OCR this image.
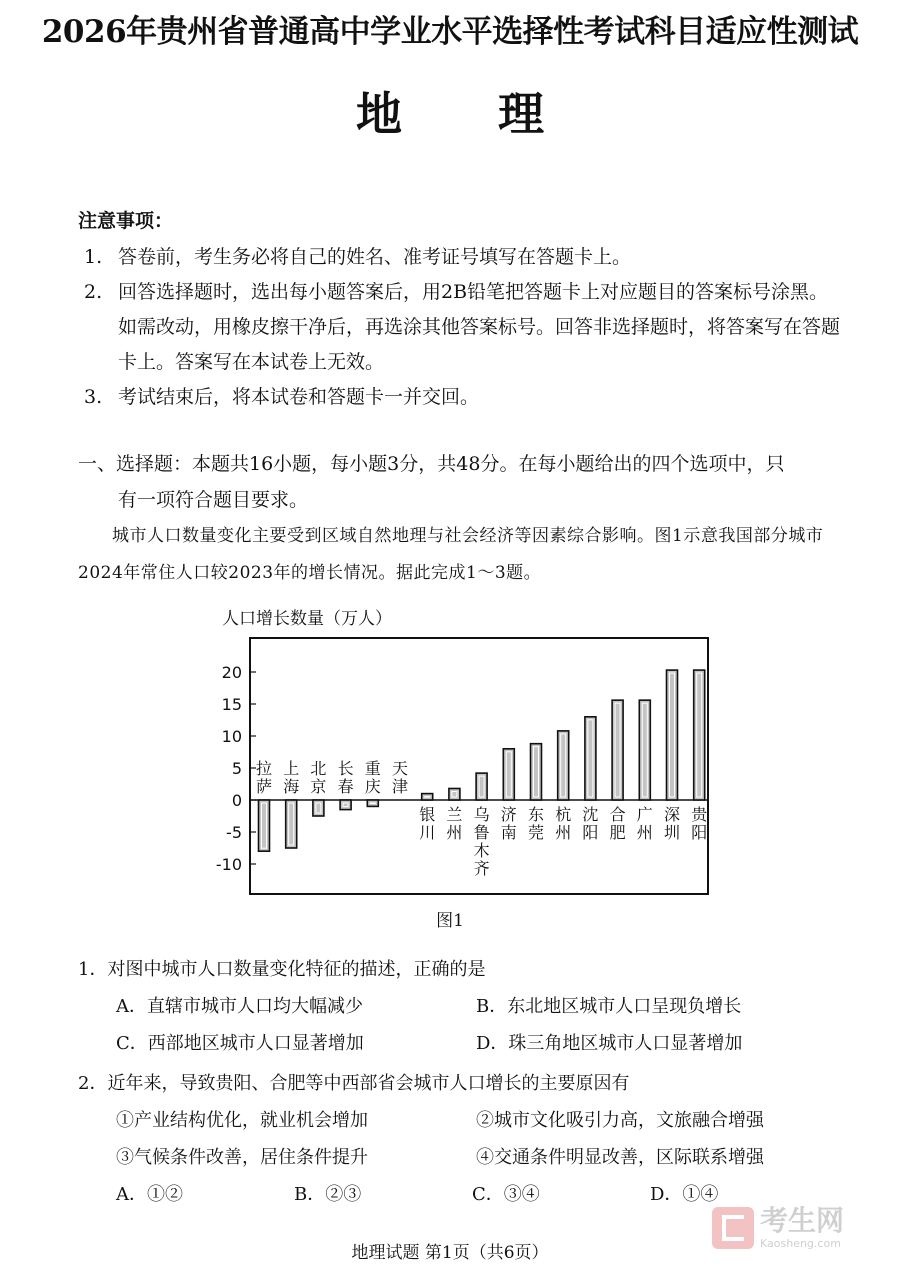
2026年贵州省普通高中学业水平选择性考试科目适应性测试
地 理
注意事项：

1. 答卷前，考生务必将自己的姓名、准考证号填写在答题卡上。

2. 回答选择题时，选出每小题答案后，用2B铅笔把答题卡上对应题目的答案标号涂黑。如需改动，用橡皮擦干净后，再选涂其他答案标号。回答非选择题时，将答案写在答题卡上。答案写在本试卷上无效。

3. 考试结束后，将本试卷和答题卡一并交回。

一、选择题：本题共16小题，每小题3分，共48分。在每小题给出的四个选项中，只
有一项符合题目要求。
城市人口数量变化主要受到区域自然地理与社会经济等因素综合影响。图1示意我国部分城市2024年常住人口较2023年的增长情况。据此完成1～3题。
人口增长数量（万人）
20
15
10
5
0
-5
-10
拉萨
上海
北京
长春
重庆
天津
银川
兰州
乌鲁木齐
济南
东莞
杭州
沈阳
合肥
广州
深圳
贵阳
图1
1．对图中城市人口数量变化特征的描述，正确的是
A．直辖市城市人口均大幅减少	B．东北地区城市人口呈现负增长
C．西部地区城市人口显著增加	D．珠三角地区城市人口显著增加
2．近年来，导致贵阳、合肥等中西部省会城市人口增长的主要原因有
①产业结构优化，就业机会增加	②城市文化吸引力高，文旅融合增强
③气候条件改善，居住条件提升	④交通条件明显改善，区际联系增强
A．①②	B．②③	C．③④	D．①④
考生网
Kaosheng.com
地理试题 第1页（共6页）
